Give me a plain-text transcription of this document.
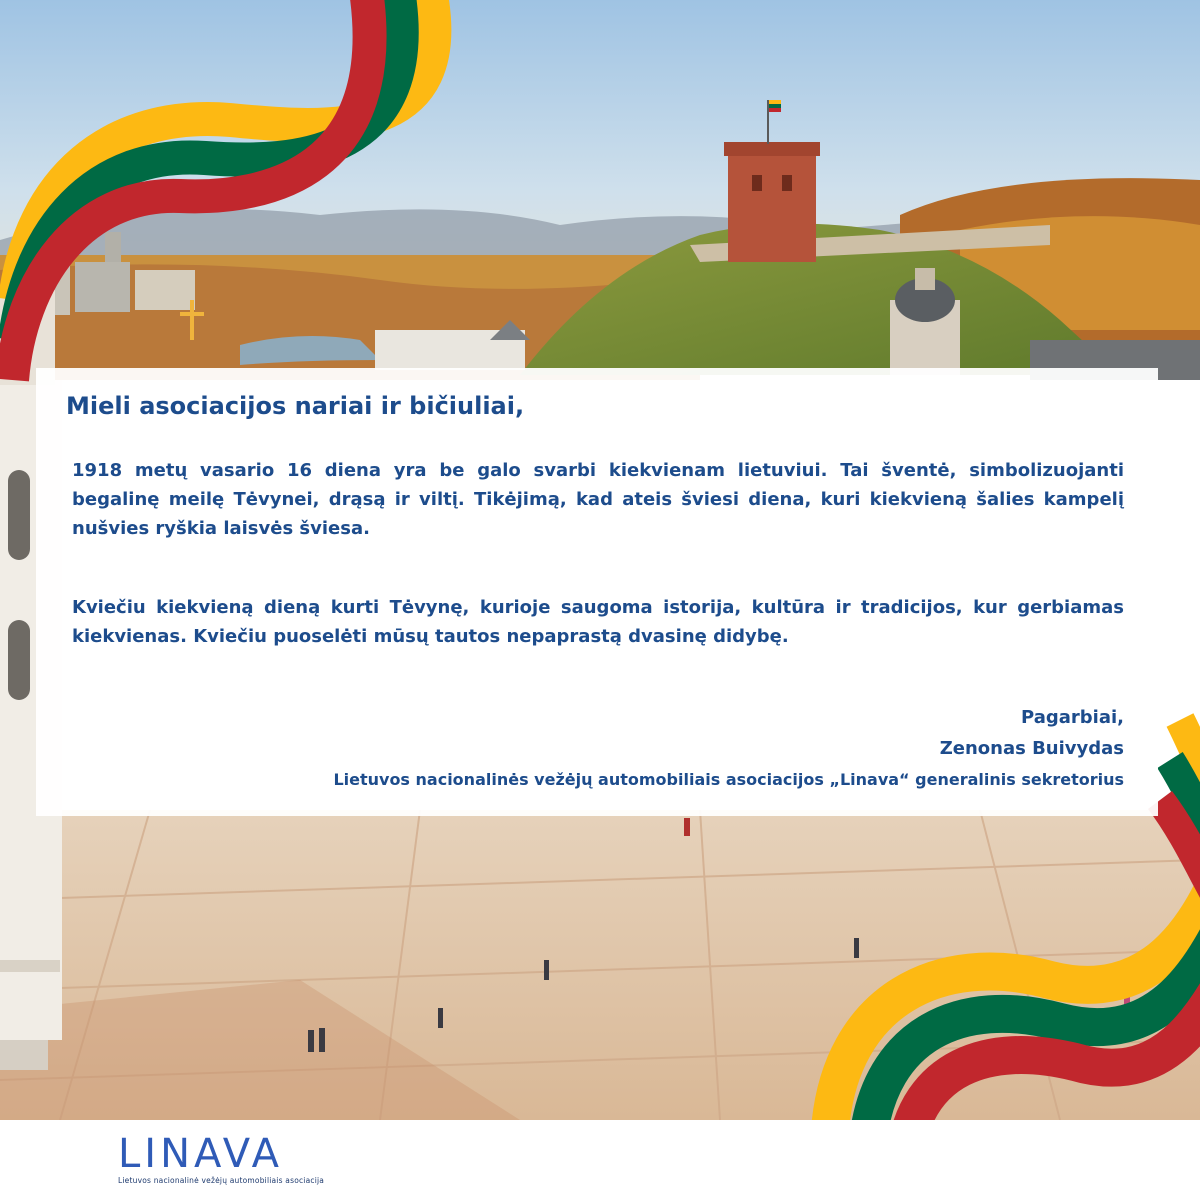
Mieli asociacijos nariai ir bičiuliai,

1918 metų vasario 16 diena yra be galo svarbi kiekvienam lietuviui. Tai šventė, simbolizuojanti begalinę meilę Tėvynei, drąsą ir viltį. Tikėjimą, kad ateis šviesi diena, kuri kiekvieną šalies kampelį nušvies ryškia laisvės šviesa.

Kviečiu kiekvieną dieną kurti Tėvynę, kurioje saugoma istorija, kultūra ir tradicijos, kur gerbiamas kiekvienas. Kviečiu puoselėti mūsų tautos nepaprastą dvasinę didybę.

Pagarbiai,
Zenonas Buivydas
Lietuvos nacionalinės vežėjų automobiliais asociacijos „Linava“ generalinis sekretorius
LINAVA
Lietuvos nacionalinė vežėjų automobiliais asociacija
